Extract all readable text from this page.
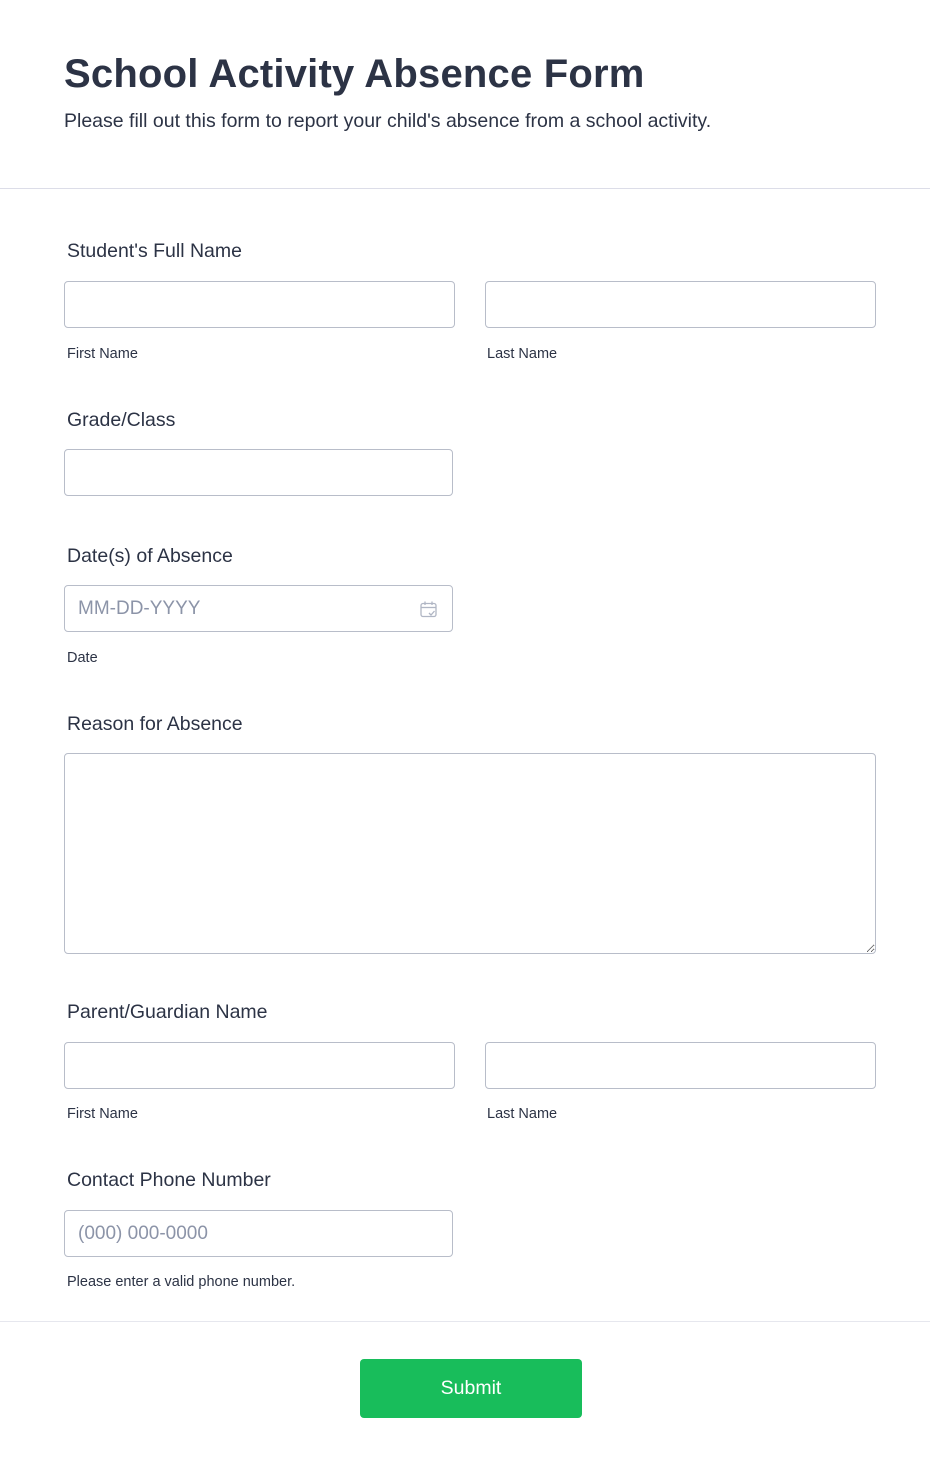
School Activity Absence Form
Please fill out this form to report your child's absence from a school activity.
Student's Full Name
First Name	Last Name
Grade/Class
Date(s) of Absence
MM-DD-YYYY
Date
Reason for Absence
Parent/Guardian Name
First Name	Last Name
Contact Phone Number
(000) 000-0000
Please enter a valid phone number.
Submit
